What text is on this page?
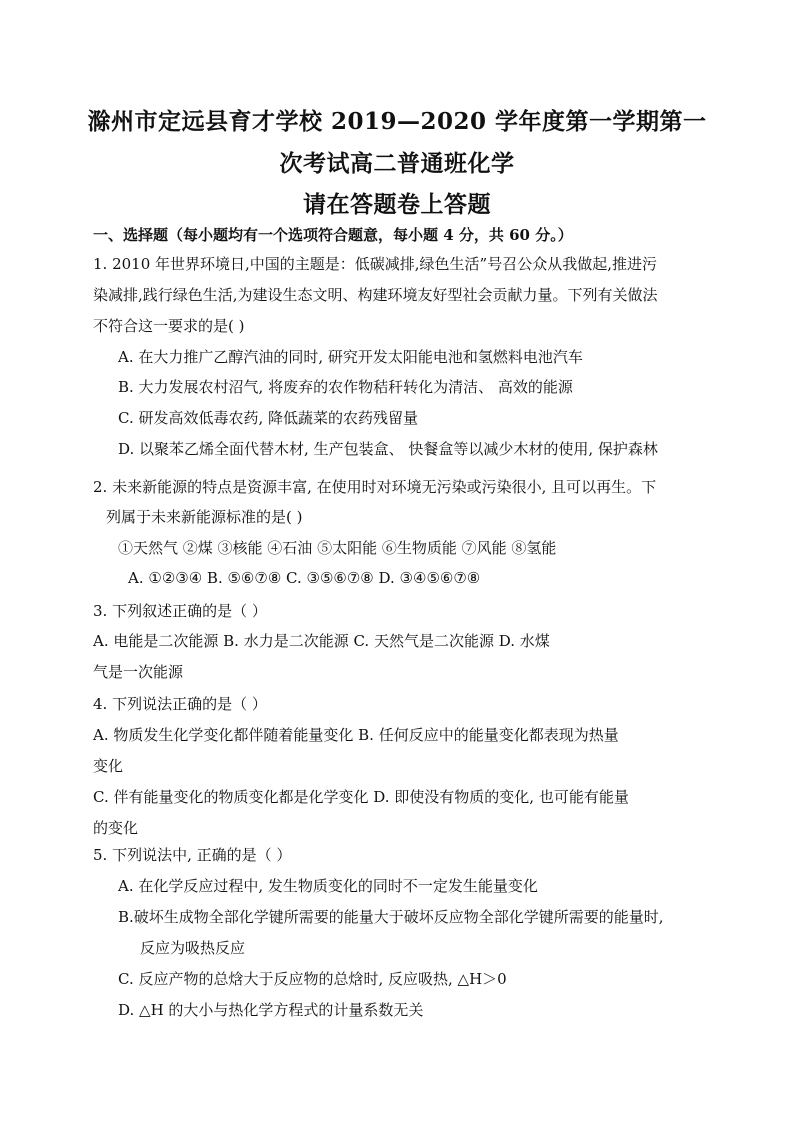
滁州市定远县育才学校 2019—2020 学年度第一学期第一
次考试高二普通班化学
请在答题卷上答题
一、选择题（每小题均有一个选项符合题意，每小题 4 分，共 60 分。）
1. 2010 年世界环境日,中国的主题是：低碳减排,绿色生活”号召公众从我做起,推进污
染减排,践行绿色生活,为建设生态文明、构建环境友好型社会贡献力量。下列有关做法
不符合这一要求的是( )
A. 在大力推广乙醇汽油的同时, 研究开发太阳能电池和氢燃料电池汽车
B. 大力发展农村沼气, 将废弃的农作物秸秆转化为清洁、 高效的能源
C. 研发高效低毒农药, 降低蔬菜的农药残留量
D. 以聚苯乙烯全面代替木材, 生产包装盒、 快餐盒等以减少木材的使用, 保护森林
2. 未来新能源的特点是资源丰富, 在使用时对环境无污染或污染很小, 且可以再生。下
列属于未来新能源标准的是( )
①天然气 ②煤 ③核能 ④石油 ⑤太阳能 ⑥生物质能 ⑦风能 ⑧氢能
A. ①②③④ B. ⑤⑥⑦⑧ C. ③⑤⑥⑦⑧ D. ③④⑤⑥⑦⑧
3. 下列叙述正确的是（ ）
A. 电能是二次能源 B. 水力是二次能源 C. 天然气是二次能源 D. 水煤
气是一次能源
4. 下列说法正确的是（ ）
A. 物质发生化学变化都伴随着能量变化 B. 任何反应中的能量变化都表现为热量
变化
C. 伴有能量变化的物质变化都是化学变化 D. 即使没有物质的变化, 也可能有能量
的变化
5. 下列说法中, 正确的是（ ）
A. 在化学反应过程中, 发生物质变化的同时不一定发生能量变化
B.破坏生成物全部化学键所需要的能量大于破坏反应物全部化学键所需要的能量时,
反应为吸热反应
C. 反应产物的总焓大于反应物的总焓时, 反应吸热, △H＞0
D. △H 的大小与热化学方程式的计量系数无关
